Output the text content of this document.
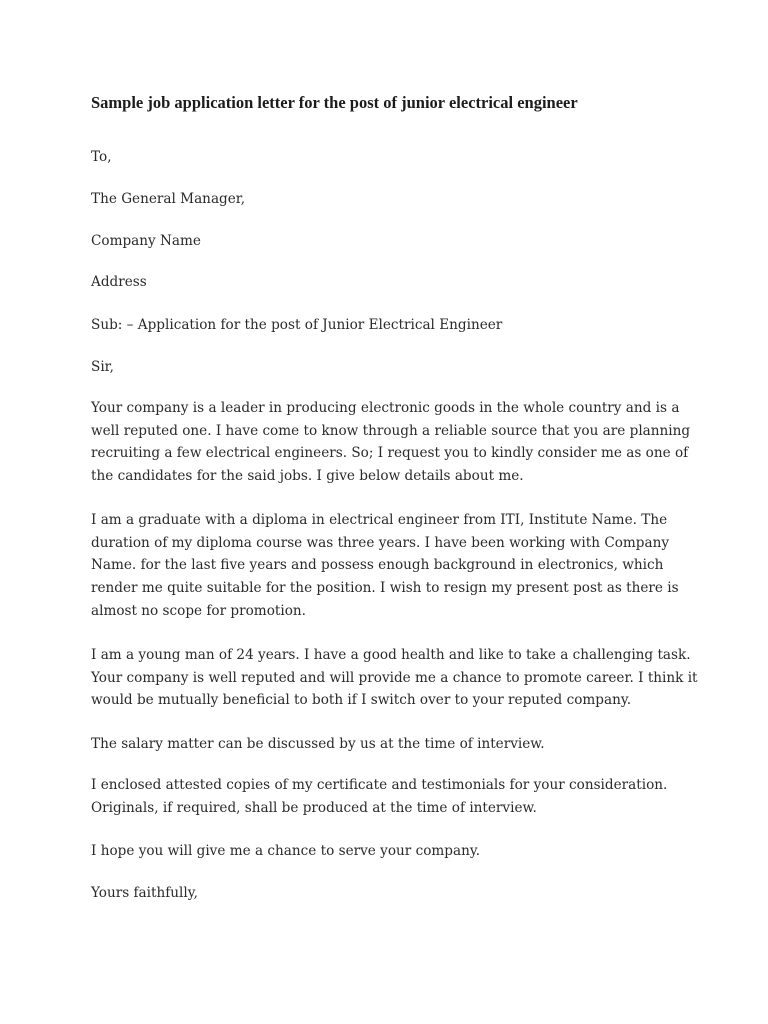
Sample job application letter for the post of junior electrical engineer
To,
The General Manager,
Company Name
Address
Sub: – Application for the post of Junior Electrical Engineer
Sir,
Your company is a leader in producing electronic goods in the whole country and is a
well reputed one. I have come to know through a reliable source that you are planning
recruiting a few electrical engineers. So; I request you to kindly consider me as one of
the candidates for the said jobs. I give below details about me.
I am a graduate with a diploma in electrical engineer from ITI, Institute Name. The
duration of my diploma course was three years. I have been working with Company
Name. for the last five years and possess enough background in electronics, which
render me quite suitable for the position. I wish to resign my present post as there is
almost no scope for promotion.
I am a young man of 24 years. I have a good health and like to take a challenging task.
Your company is well reputed and will provide me a chance to promote career. I think it
would be mutually beneficial to both if I switch over to your reputed company.
The salary matter can be discussed by us at the time of interview.
I enclosed attested copies of my certificate and testimonials for your consideration.
Originals, if required, shall be produced at the time of interview.
I hope you will give me a chance to serve your company.
Yours faithfully,
